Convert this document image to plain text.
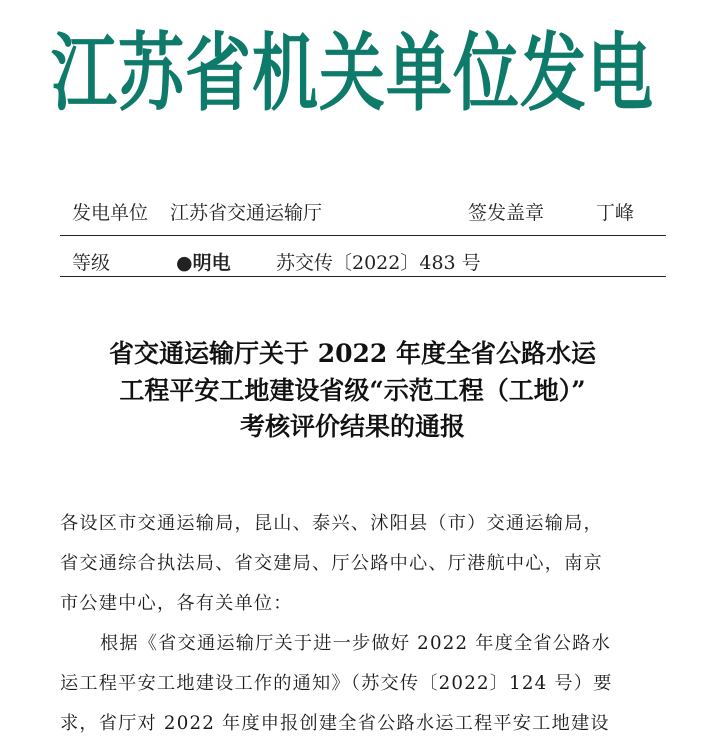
江苏省机关单位发电
发电单位 江苏省交通运输厅	签发盖章	丁峰
等级	●明电 苏交传〔2022〕483 号
省交通运输厅关于 2022 年度全省公路水运
工程平安工地建设省级“示范工程（工地）”
考核评价结果的通报
各设区市交通运输局，昆山、泰兴、沭阳县（市）交通运输局，
省交通综合执法局、省交建局、厅公路中心、厅港航中心，南京
市公建中心，各有关单位：
根据《省交通运输厅关于进一步做好 2022 年度全省公路水
运工程平安工地建设工作的通知》（苏交传〔2022〕124 号）要
求，省厅对 2022 年度申报创建全省公路水运工程平安工地建设
